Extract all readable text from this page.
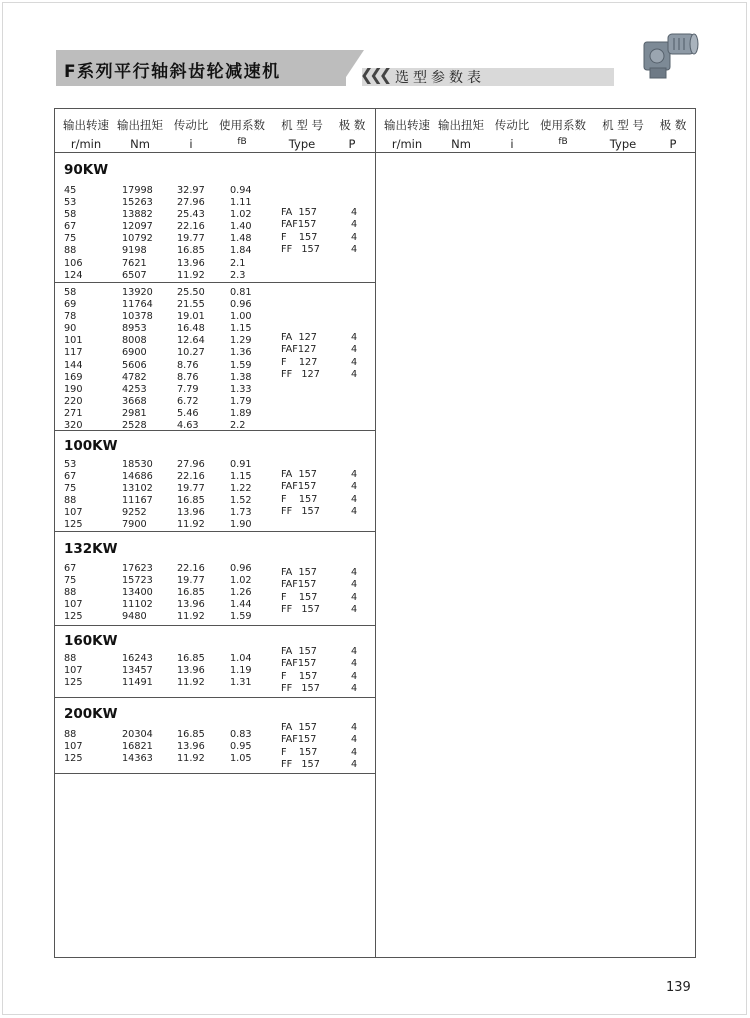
F系列平行轴斜齿轮减速机	❮❮❮ 选型参数表
输出转速
r/min
输出扭矩
Nm
传动比
i
使用系数
fB
机 型 号
Type
极 数
P
输出转速
r/min
输出扭矩
Nm
传动比
i
使用系数
fB
机 型 号
Type
极 数
P
90KW
100KW
132KW
160KW
200KW
45
53
58
67
75
88
106
124
17998
15263
13882
12097
10792
9198
7621
6507
32.97
27.96
25.43
22.16
19.77
16.85
13.96
11.92
0.94
1.11
1.02
1.40
1.48
1.84
2.1
2.3
FA  157
FAF157
F    157
FF   157
4
4
4
4
58
69
78
90
101
117
144
169
190
220
271
320
13920
11764
10378
8953
8008
6900
5606
4782
4253
3668
2981
2528
25.50
21.55
19.01
16.48
12.64
10.27
8.76
8.76
7.79
6.72
5.46
4.63
0.81
0.96
1.00
1.15
1.29
1.36
1.59
1.38
1.33
1.79
1.89
2.2
FA  127
FAF127
F    127
FF   127
4
4
4
4
53
67
75
88
107
125
18530
14686
13102
11167
9252
7900
27.96
22.16
19.77
16.85
13.96
11.92
0.91
1.15
1.22
1.52
1.73
1.90
FA  157
FAF157
F    157
FF   157
4
4
4
4
67
75
88
107
125
17623
15723
13400
11102
9480
22.16
19.77
16.85
13.96
11.92
0.96
1.02
1.26
1.44
1.59
FA  157
FAF157
F    157
FF   157
4
4
4
4
88
107
125
16243
13457
11491
16.85
13.96
11.92
1.04
1.19
1.31
FA  157
FAF157
F    157
FF   157
4
4
4
4
88
107
125
20304
16821
14363
16.85
13.96
11.92
0.83
0.95
1.05
FA  157
FAF157
F    157
FF   157
4
4
4
4
139
